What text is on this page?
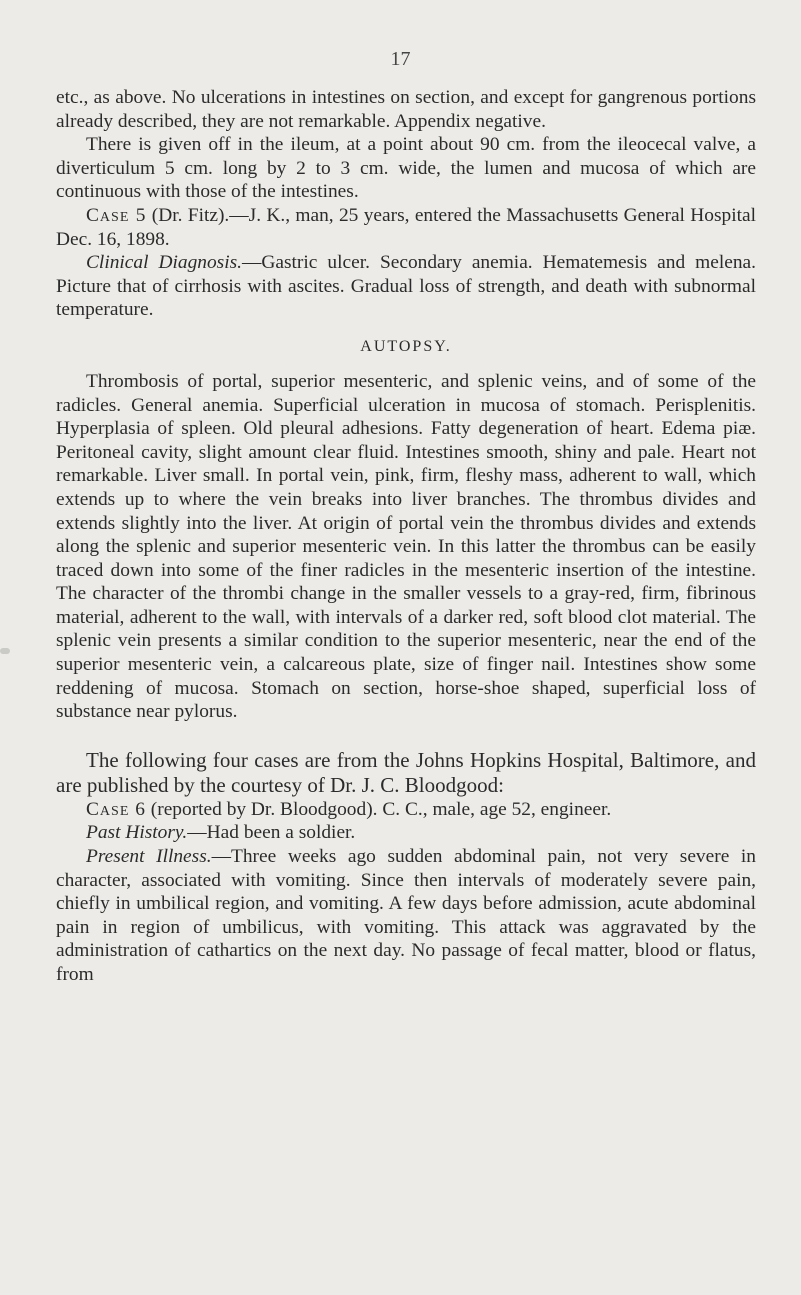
17

etc., as above. No ulcerations in intestines on section, and except for gangrenous portions already described, they are not remarkable. Appendix negative.

There is given off in the ileum, at a point about 90 cm. from the ileocecal valve, a diverticulum 5 cm. long by 2 to 3 cm. wide, the lumen and mucosa of which are continuous with those of the intestines.

Case 5 (Dr. Fitz).—J. K., man, 25 years, entered the Massachusetts General Hospital Dec. 16, 1898.

Clinical Diagnosis.—Gastric ulcer. Secondary anemia. Hematemesis and melena. Picture that of cirrhosis with ascites. Gradual loss of strength, and death with subnormal temperature.

AUTOPSY.

Thrombosis of portal, superior mesenteric, and splenic veins, and of some of the radicles. General anemia. Superficial ulceration in mucosa of stomach. Perisplenitis. Hyperplasia of spleen. Old pleural adhesions. Fatty degeneration of heart. Edema piæ. Peritoneal cavity, slight amount clear fluid. Intestines smooth, shiny and pale. Heart not remarkable. Liver small. In portal vein, pink, firm, fleshy mass, adherent to wall, which extends up to where the vein breaks into liver branches. The thrombus divides and extends slightly into the liver. At origin of portal vein the thrombus divides and extends along the splenic and superior mesenteric vein. In this latter the thrombus can be easily traced down into some of the finer radicles in the mesenteric insertion of the intestine. The character of the thrombi change in the smaller vessels to a gray-red, firm, fibrinous material, adherent to the wall, with intervals of a darker red, soft blood clot material. The splenic vein presents a similar condition to the superior mesenteric, near the end of the superior mesenteric vein, a calcareous plate, size of finger nail. Intestines show some reddening of mucosa. Stomach on section, horse-shoe shaped, superficial loss of substance near pylorus.

The following four cases are from the Johns Hopkins Hospital, Baltimore, and are published by the courtesy of Dr. J. C. Bloodgood:

Case 6 (reported by Dr. Bloodgood). C. C., male, age 52, engineer.

Past History.—Had been a soldier.

Present Illness.—Three weeks ago sudden abdominal pain, not very severe in character, associated with vomiting. Since then intervals of moderately severe pain, chiefly in umbilical region, and vomiting. A few days before admission, acute abdominal pain in region of umbilicus, with vomiting. This attack was aggravated by the administration of cathartics on the next day. No passage of fecal matter, blood or flatus, from
